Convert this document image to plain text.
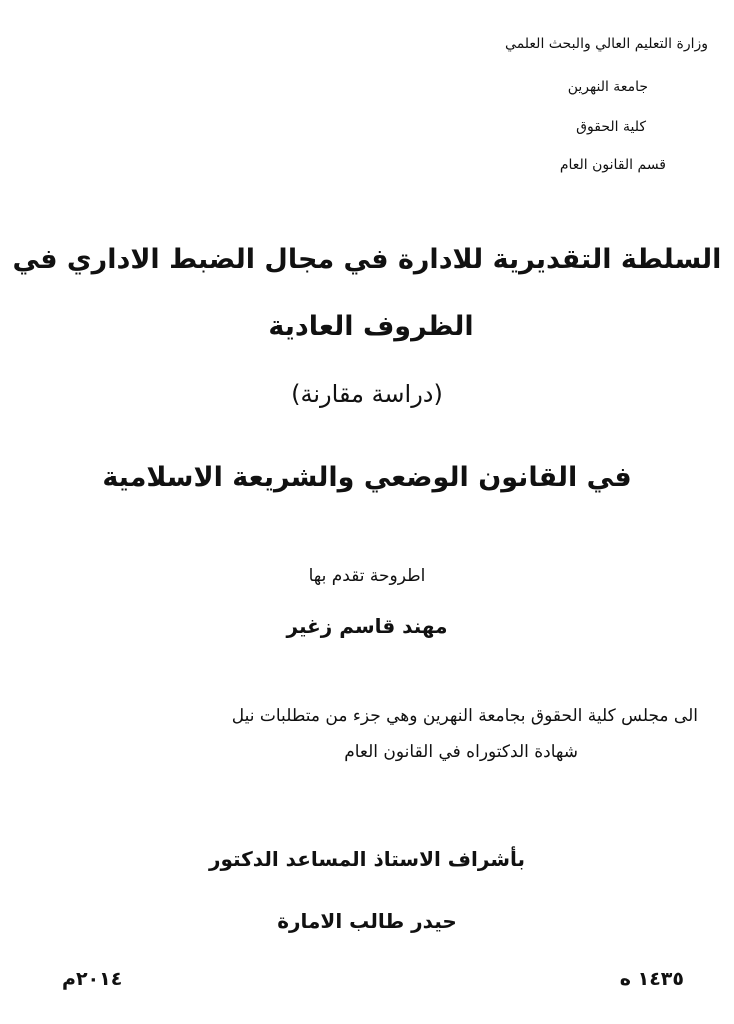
وزارة التعليم العالي والبحث العلمي
جامعة النهرين
كلية الحقوق
قسم القانون العام
السلطة التقديرية للادارة في مجال الضبط الاداري في
الظروف العادية
(دراسة مقارنة)
في القانون الوضعي والشريعة الاسلامية
اطروحة تقدم بها
مهند قاسم زغير
الى مجلس كلية الحقوق بجامعة النهرين وهي جزء من متطلبات نيل
شهادة الدكتوراه في القانون العام
بأشراف الاستاذ المساعد الدكتور
حيدر طالب الامارة
١٤٣٥ ه
٢٠١٤م
